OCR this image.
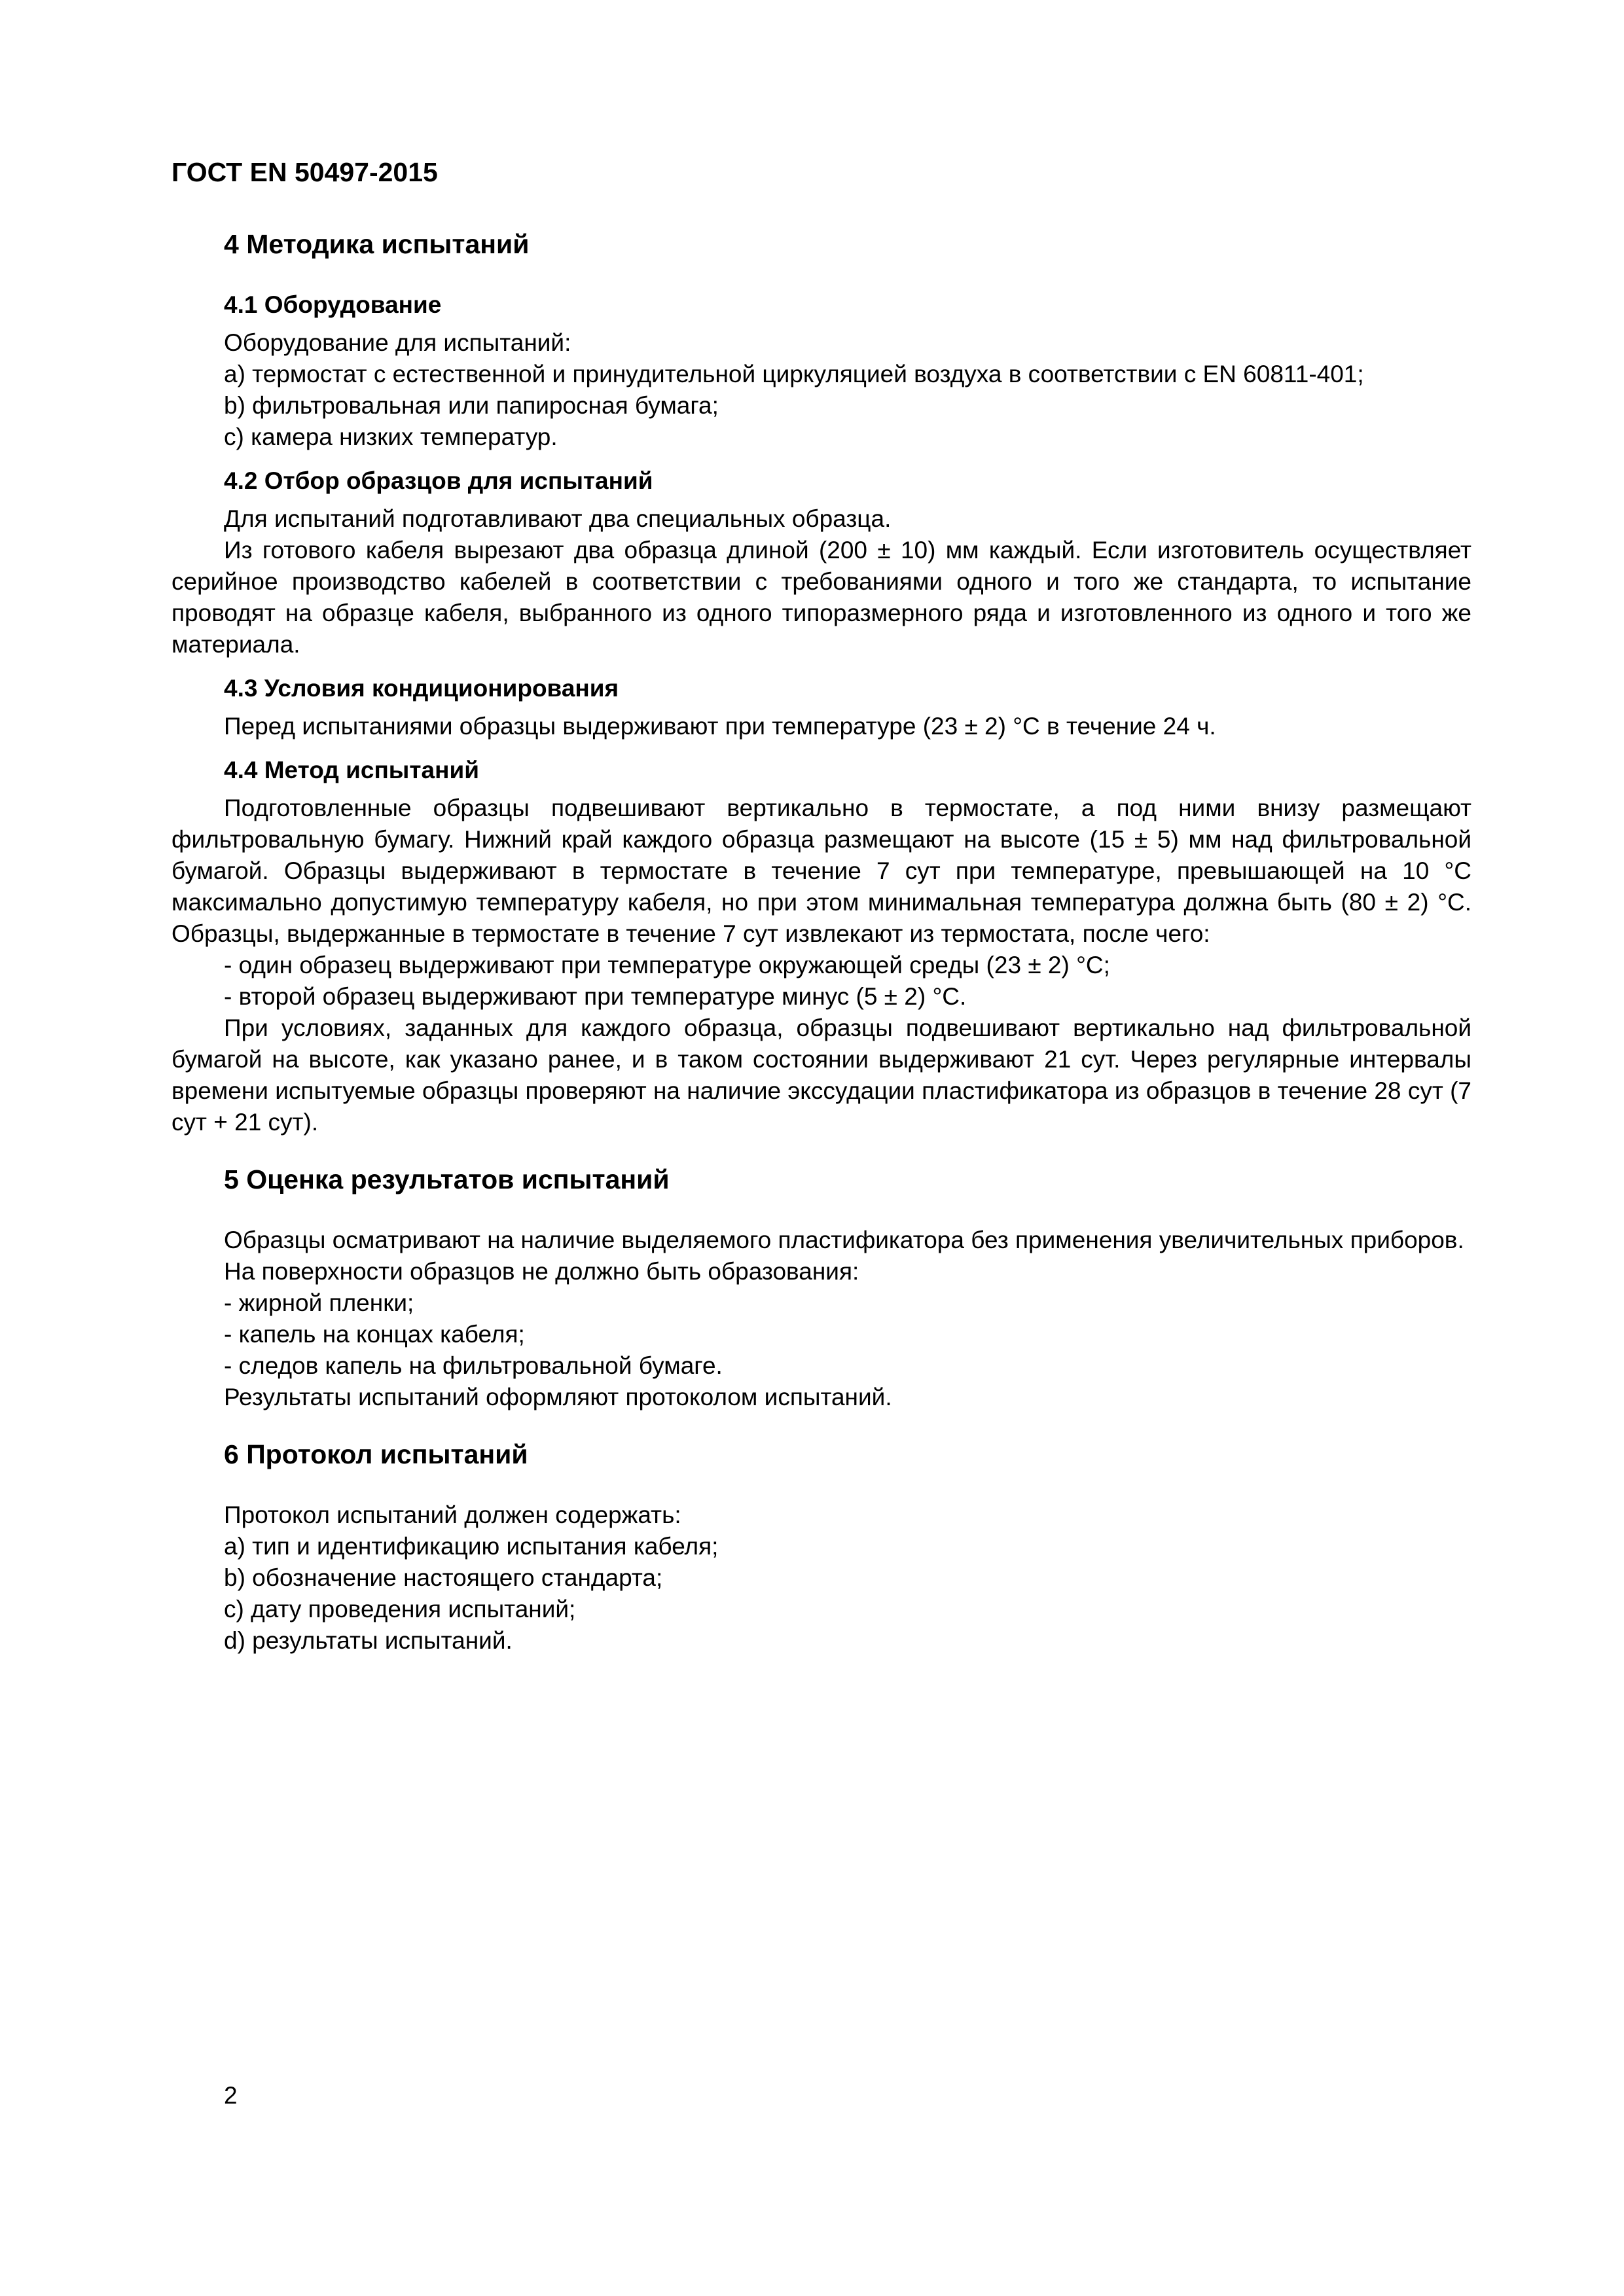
ГОСТ EN 50497-2015
4 Методика испытаний
4.1 Оборудование

Оборудование для испытаний:

а) термостат с естественной и принудительной циркуляцией воздуха в соответствии с EN 60811-401;

b) фильтровальная или папиросная бумага;

c) камера низких температур.

4.2 Отбор образцов для испытаний

Для испытаний подготавливают два специальных образца.

Из готового кабеля вырезают два образца длиной (200 ± 10) мм каждый. Если изготовитель осуществляет серийное производство кабелей в соответствии с требованиями одного и того же стандарта, то испытание проводят на образце кабеля, выбранного из одного типоразмерного ряда и изготовленного из одного и того же материала.

4.3 Условия кондиционирования

Перед испытаниями образцы выдерживают при температуре (23 ± 2) °С в течение 24 ч.

4.4 Метод испытаний

Подготовленные образцы подвешивают вертикально в термостате, а под ними внизу размещают фильтровальную бумагу. Нижний край каждого образца размещают на высоте (15 ± 5) мм над фильтровальной бумагой. Образцы выдерживают в термостате в течение 7 сут при температуре, превышающей на 10 °С максимально допустимую температуру кабеля, но при этом минимальная температура должна быть (80 ± 2) °С. Образцы, выдержанные в термостате в течение 7 сут извлекают из термостата, после чего:

- один образец выдерживают при температуре окружающей среды (23 ± 2) °С;

- второй образец выдерживают при температуре минус (5 ± 2) °С.

При условиях, заданных для каждого образца, образцы подвешивают вертикально над фильтровальной бумагой на высоте, как указано ранее, и в таком состоянии выдерживают 21 сут. Через регулярные интервалы времени испытуемые образцы проверяют на наличие экссудации пластификатора из образцов в течение 28 сут (7 сут + 21 сут).

5 Оценка результатов испытаний

Образцы осматривают на наличие выделяемого пластификатора без применения увеличительных приборов.

На поверхности образцов не должно быть образования:

- жирной пленки;

- капель на концах кабеля;

- следов капель на фильтровальной бумаге.

Результаты испытаний оформляют протоколом испытаний.

6 Протокол испытаний

Протокол испытаний должен содержать:

а) тип и идентификацию испытания кабеля;

b) обозначение настоящего стандарта;

c) дату проведения испытаний;

d) результаты испытаний.

2
